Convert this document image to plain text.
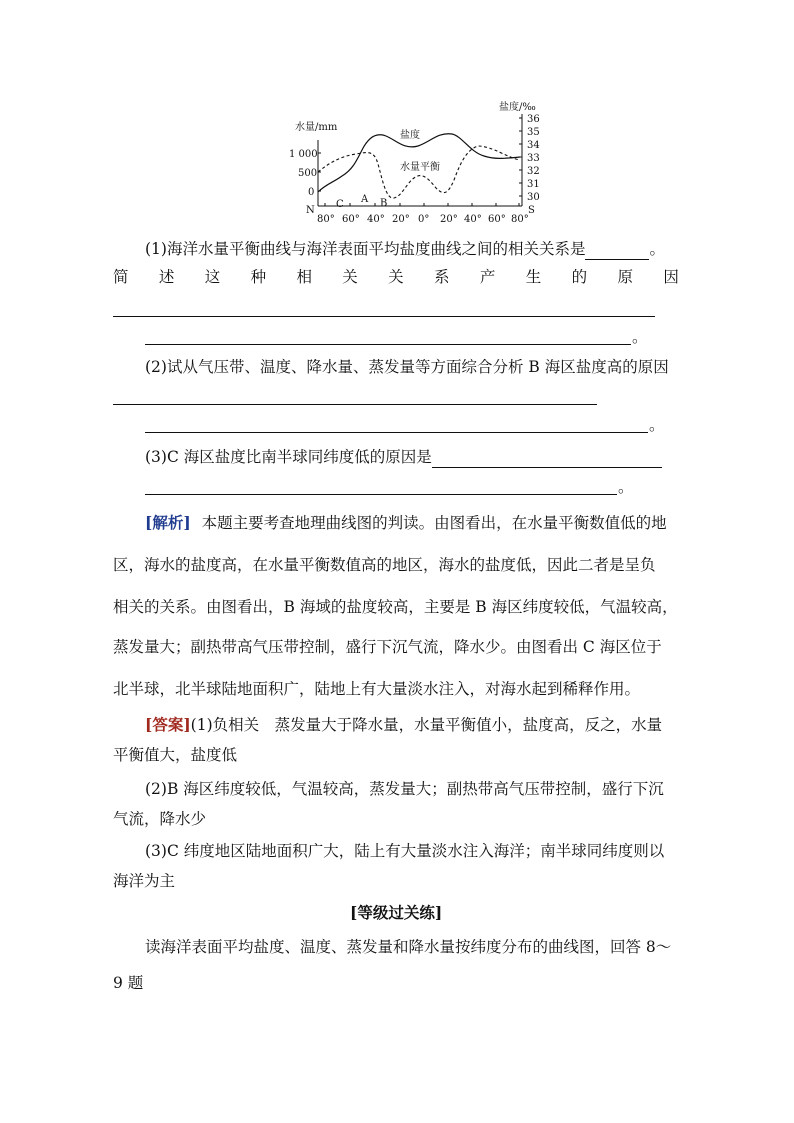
水量/mm
盐度/‰
1 000
500
0
N
36
35
34
33
32
31
30
S
盐度
水量平衡
C A B
80° 60° 40° 20° 0° 20° 40° 60° 80°
(1)海洋水量平衡曲线与海洋表面平均盐度曲线之间的相关关系是	。
简 述 这 种 相 关 关 系 产 生 的 原 因
。
(2)试从气压带、温度、降水量、蒸发量等方面综合分析 B 海区盐度高的原因
。
(3)C 海区盐度比南半球同纬度低的原因是
。
[解析] 本题主要考查地理曲线图的判读。由图看出，在水量平衡数值低的地
区，海水的盐度高，在水量平衡数值高的地区，海水的盐度低，因此二者是呈负
相关的关系。由图看出，B 海域的盐度较高，主要是 B 海区纬度较低，气温较高，
蒸发量大；副热带高气压带控制，盛行下沉气流，降水少。由图看出 C 海区位于
北半球，北半球陆地面积广，陆地上有大量淡水注入，对海水起到稀释作用。
[答案](1)负相关　蒸发量大于降水量，水量平衡值小，盐度高，反之，水量
平衡值大，盐度低
(2)B 海区纬度较低，气温较高，蒸发量大；副热带高气压带控制，盛行下沉
气流，降水少
(3)C 纬度地区陆地面积广大，陆上有大量淡水注入海洋；南半球同纬度则以
海洋为主
[等级过关练]
读海洋表面平均盐度、温度、蒸发量和降水量按纬度分布的曲线图，回答 8～
9 题
